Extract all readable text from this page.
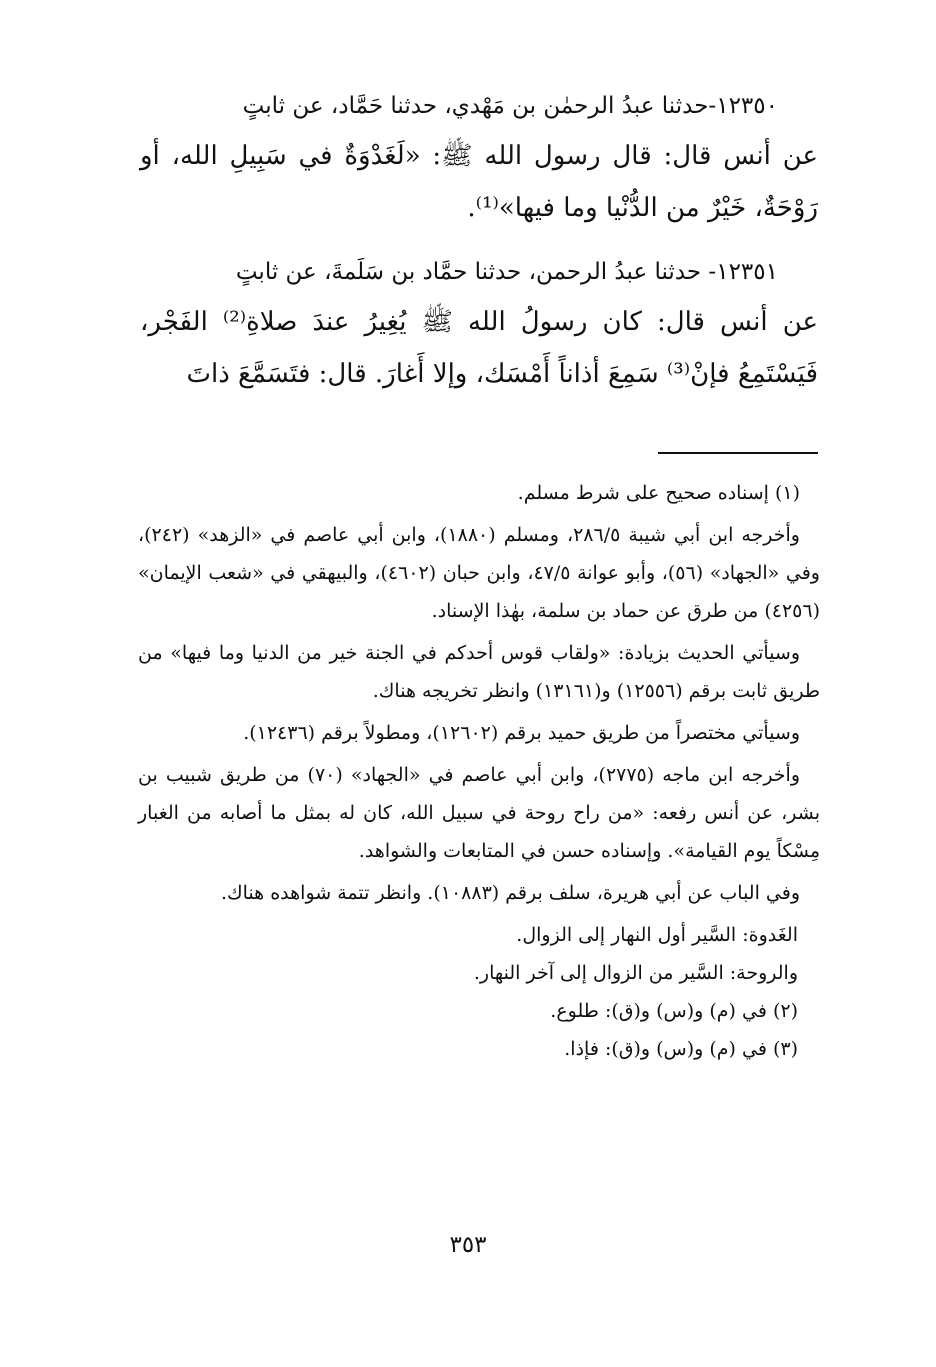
١٢٣٥٠-حدثنا عبدُ الرحمٰن بن مَهْدي، حدثنا حَمَّاد، عن ثابتٍ

عن أنس قال: قال رسول الله ﷺ: «لَغَدْوَةٌ في سَبِيلِ الله، أو رَوْحَةٌ، خَيْرٌ من الدُّنْيا وما فيها»⁽¹⁾.

١٢٣٥١- حدثنا عبدُ الرحمن، حدثنا حمَّاد بن سَلَمةَ، عن ثابتٍ

عن أنس قال: كان رسولُ الله ﷺ يُغِيرُ عندَ صلاةِ⁽²⁾ الفَجْر، فَيَسْتَمِعُ فإنْ⁽³⁾ سَمِعَ أذاناً أَمْسَك، وإلا أَغارَ. قال: فتَسَمَّعَ ذاتَ

(١) إسناده صحيح على شرط مسلم.

وأخرجه ابن أبي شيبة ٢٨٦/٥، ومسلم (١٨٨٠)، وابن أبي عاصم في «الزهد» (٢٤٢)، وفي «الجهاد» (٥٦)، وأبو عوانة ٤٧/٥، وابن حبان (٤٦٠٢)، والبيهقي في «شعب الإيمان» (٤٢٥٦) من طرق عن حماد بن سلمة، بهٰذا الإسناد.

وسيأتي الحديث بزيادة: «ولقاب قوس أحدكم في الجنة خير من الدنيا وما فيها» من طريق ثابت برقم (١٢٥٥٦) و(١٣١٦١) وانظر تخريجه هناك.

وسيأتي مختصراً من طريق حميد برقم (١٢٦٠٢)، ومطولاً برقم (١٢٤٣٦).

وأخرجه ابن ماجه (٢٧٧٥)، وابن أبي عاصم في «الجهاد» (٧٠) من طريق شبيب بن بشر، عن أنس رفعه: «من راح روحة في سبيل الله، كان له بمثل ما أصابه من الغبار مِسْكاً يوم القيامة». وإسناده حسن في المتابعات والشواهد.

وفي الباب عن أبي هريرة، سلف برقم (١٠٨٨٣). وانظر تتمة شواهده هناك.

الغَدوة: السَّير أول النهار إلى الزوال.

والروحة: السَّير من الزوال إلى آخر النهار.

(٢) في (م) و(س) و(ق): طلوع.

(٣) في (م) و(س) و(ق): فإذا.

٣٥٣
